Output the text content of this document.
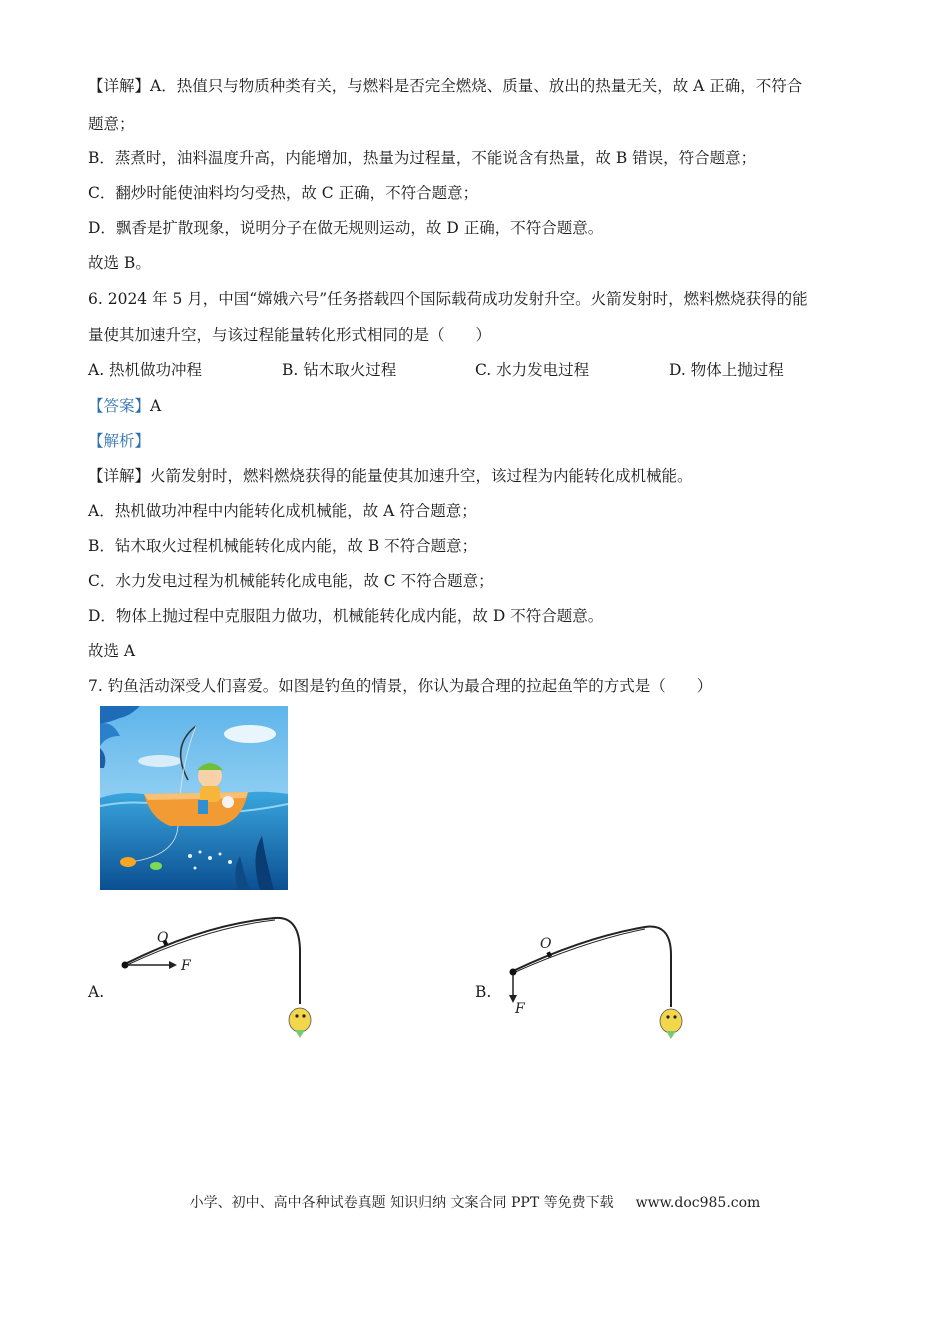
【详解】A．热值只与物质种类有关，与燃料是否完全燃烧、质量、放出的热量无关，故 A 正确，不符合
题意；
B．蒸煮时，油料温度升高，内能增加，热量为过程量，不能说含有热量，故 B 错误，符合题意；
C．翻炒时能使油料均匀受热，故 C 正确，不符合题意；
D．飘香是扩散现象，说明分子在做无规则运动，故 D 正确，不符合题意。
故选 B。
6. 2024 年 5 月，中国“嫦娥六号”任务搭载四个国际载荷成功发射升空。火箭发射时，燃料燃烧获得的能
量使其加速升空，与该过程能量转化形式相同的是（　　）
A. 热机做功冲程	B. 钻木取火过程	C. 水力发电过程	D. 物体上抛过程
【答案】A
【解析】
【详解】火箭发射时，燃料燃烧获得的能量使其加速升空，该过程为内能转化成机械能。
A．热机做功冲程中内能转化成机械能，故 A 符合题意；
B．钻木取火过程机械能转化成内能，故 B 不符合题意；
C．水力发电过程为机械能转化成电能，故 C 不符合题意；
D．物体上抛过程中克服阻力做功，机械能转化成内能，故 D 不符合题意。
故选 A
7. 钓鱼活动深受人们喜爱。如图是钓鱼的情景，你认为最合理的拉起鱼竿的方式是（　　）
A.
O
F
B.
O
F
小学、初中、高中各种试卷真题 知识归纳 文案合同 PPT 等免费下载 www.doc985.com
